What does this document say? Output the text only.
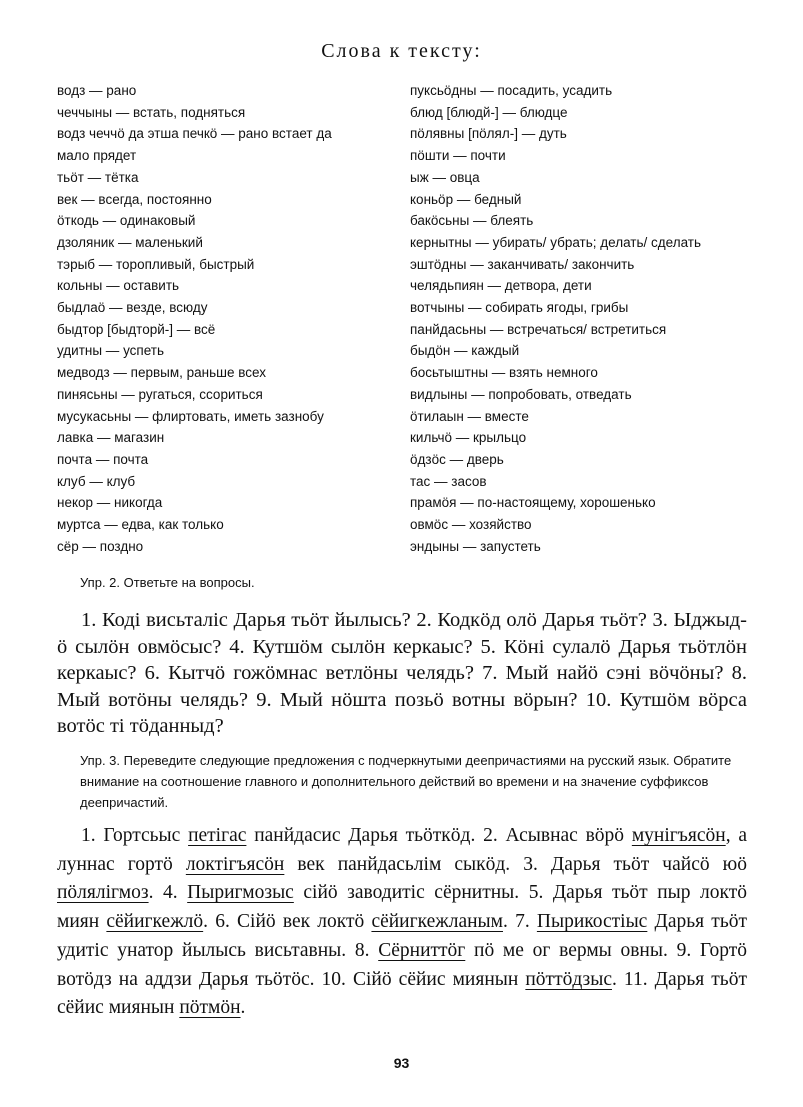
Слова к тексту:
водз — рано
чеччыны — встать, подняться
водз чеччӧ да этша печкӧ — рано встает да
мало прядет
тьӧт — тётка
век — всегда, постоянно
ӧткодь — одинаковый
дзоляник — маленький
тэрыб — торопливый, быстрый
кольны — оставить
быдлаӧ — везде, всюду
быдтор [быдторй-] — всё
удитны — успеть
медводз — первым, раньше всех
пинясьны — ругаться, ссориться
мусукасьны — флиртовать, иметь зазнобу
лавка — магазин
почта — почта
клуб — клуб
некор — никогда
муртса — едва, как только
сёр — поздно
пуксьӧдны — посадить, усадить
блюд [блюдй-] — блюдце
пӧлявны [пӧлял-] — дуть
пӧшти — почти
ыж — овца
коньӧр — бедный
бакӧсьны — блеять
кернытны — убирать/ убрать; делать/ сделать
эштӧдны — заканчивать/ закончить
челядьпиян — детвора, дети
вотчыны — собирать ягоды, грибы
панйдасьны — встречаться/ встретиться
быдӧн — каждый
босьтыштны — взять немного
видлыны — попробовать, отведать
ӧтилаын — вместе
кильчӧ — крыльцо
ӧдзӧс — дверь
тас — засов
прамӧя — по-настоящему, хорошенько
овмӧс — хозяйство
эндыны — запустеть
Упр. 2. Ответьте на вопросы.
1. Кодi висьталiс Дарья тьӧт йылысь? 2. Кодкӧд олӧ Дарья тьӧт? 3. Ыджыд-ӧ сылӧн овмӧсыс? 4. Кутшӧм сылӧн керкаыс? 5. Кӧнi сулалӧ Дарья тьӧтлӧн керкаыс? 6. Кытчӧ гожӧмнас ветлӧны челядь? 7. Мый найӧ сэнi вӧчӧны? 8. Мый вотӧны челядь? 9. Мый нӧшта позьӧ вотны вӧрын? 10. Кутшӧм вӧрса вотӧс тi тӧданныд?
Упр. 3. Переведите следующие предложения с подчеркнутыми деепричастиями на русский язык. Обратите внимание на соотношение главного и дополнительного действий во времени и на значение суффиксов деепричастий.
1. Гортсьыс петiгас панйдасис Дарья тьӧткӧд. 2. Асывнас вӧрӧ мунiгъясӧн, а луннас гортӧ локтiгъясӧн век панйдасьлiм сыкӧд. 3. Дарья тьӧт чайсӧ юӧ пӧлялiгмоз. 4. Пыригмозыс сiйӧ заводитiс сёрнитны. 5. Дарья тьӧт пыр локтӧ миян сёйигкежлӧ. 6. Сiйӧ век локтӧ сёйигкежланым. 7. Пырикостiыс Дарья тьӧт удитiс унатор йылысь висьтавны. 8. Сёрниттӧг пӧ ме ог вермы овны. 9. Гортӧ вотӧдз на аддзи Дарья тьӧтӧс. 10. Сiйӧ сёйис миянын пӧттӧдзыс. 11. Дарья тьӧт сёйис миянын пӧтмӧн.
93
